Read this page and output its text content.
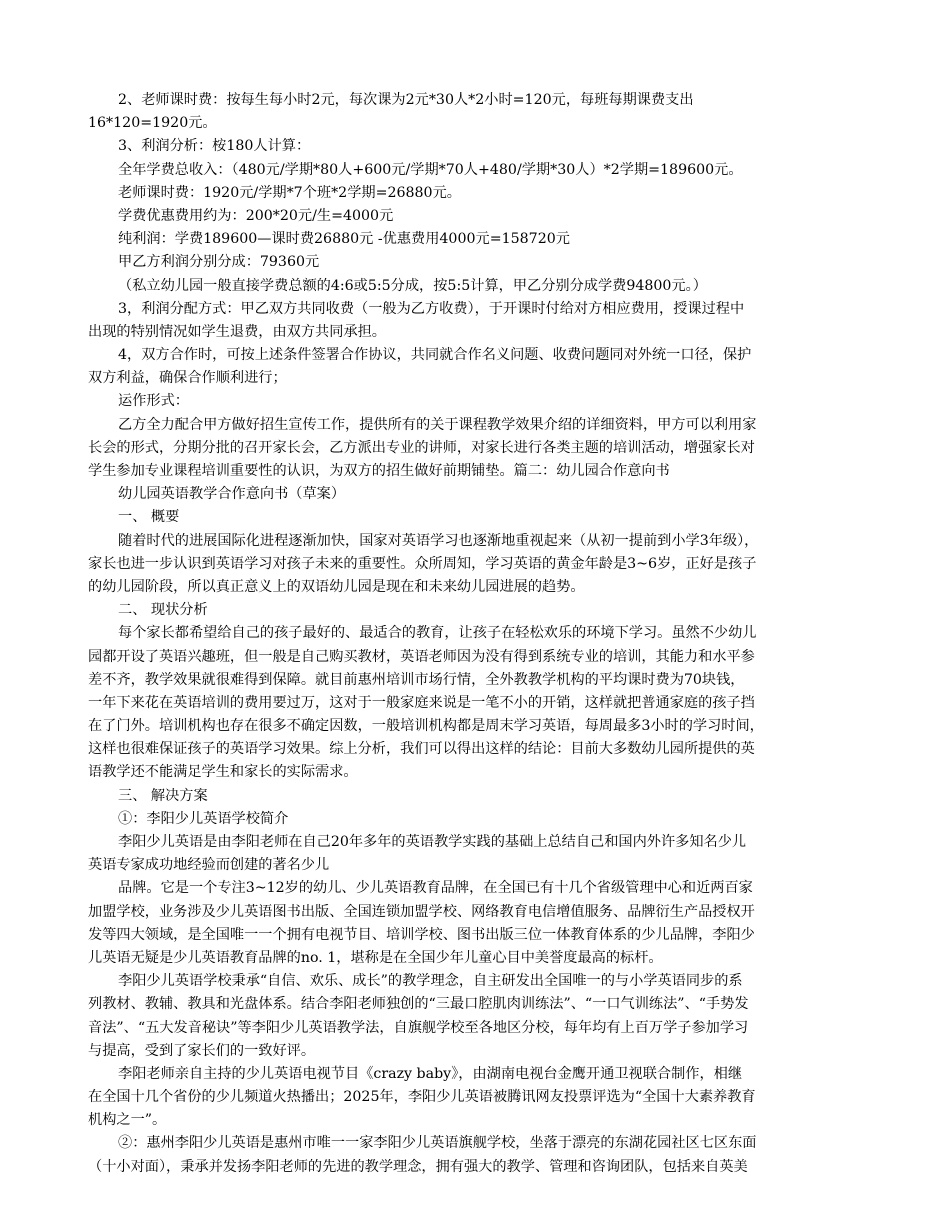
2、老师课时费：按每生每小时2元，每次课为2元*30人*2小时=120元，每班每期课费支出
16*120=1920元。
3、利润分析：桉180人计算：
全年学费总收入：（480元/学期*80人+600元/学期*70人+480/学期*30人）*2学期=189600元。
老师课时费：1920元/学期*7个班*2学期=26880元。
学费优惠费用约为：200*20元/生=4000元
纯利润：学费189600—课时费26880元 -优惠费用4000元=158720元
甲乙方利润分别分成：79360元
（私立幼儿园一般直接学费总额的4:6或5:5分成，按5:5计算，甲乙分别分成学费94800元。）
3，利润分配方式：甲乙双方共同收费（一般为乙方收费），于开课时付给对方相应费用，授课过程中
出现的特别情况如学生退费，由双方共同承担。
4，双方合作时，可按上述条件签署合作协议，共同就合作名义问题、收费问题同对外统一口径，保护
双方利益，确保合作顺利进行；
运作形式：
乙方全力配合甲方做好招生宣传工作，提供所有的关于课程教学效果介绍的详细资料，甲方可以利用家
长会的形式，分期分批的召开家长会，乙方派出专业的讲师，对家长进行各类主题的培训活动，增强家长对
学生参加专业课程培训重要性的认识，为双方的招生做好前期铺垫。篇二：幼儿园合作意向书
幼儿园英语教学合作意向书（草案）
一、 概要
随着时代的进展国际化进程逐渐加快，国家对英语学习也逐渐地重视起来（从初一提前到小学3年级），
家长也进一步认识到英语学习对孩子未来的重要性。众所周知，学习英语的黄金年龄是3~6岁，正好是孩子
的幼儿园阶段，所以真正意义上的双语幼儿园是现在和未来幼儿园进展的趋势。
二、 现状分析
每个家长都希望给自己的孩子最好的、最适合的教育，让孩子在轻松欢乐的环境下学习。虽然不少幼儿
园都开设了英语兴趣班，但一般是自己购买教材，英语老师因为没有得到系统专业的培训，其能力和水平参
差不齐，教学效果就很难得到保障。就目前惠州培训市场行情，全外教教学机构的平均课时费为70块钱，
一年下来花在英语培训的费用要过万，这对于一般家庭来说是一笔不小的开销，这样就把普通家庭的孩子挡
在了门外。培训机构也存在很多不确定因数，一般培训机构都是周末学习英语，每周最多3小时的学习时间，
这样也很难保证孩子的英语学习效果。综上分析，我们可以得出这样的结论：目前大多数幼儿园所提供的英
语教学还不能满足学生和家长的实际需求。
三、 解决方案
①：李阳少儿英语学校简介
李阳少儿英语是由李阳老师在自己20年多年的英语教学实践的基础上总结自己和国内外许多知名少儿
英语专家成功地经验而创建的著名少儿
品牌。它是一个专注3~12岁的幼儿、少儿英语教育品牌，在全国已有十几个省级管理中心和近两百家
加盟学校，业务涉及少儿英语图书出版、全国连锁加盟学校、网络教育电信增值服务、品牌衍生产品授权开
发等四大领域，是全国唯一一个拥有电视节目、培训学校、图书出版三位一体教育体系的少儿品牌，李阳少
儿英语无疑是少儿英语教育品牌的no. 1，堪称是在全国少年儿童心目中美誉度最高的标杆。
李阳少儿英语学校秉承“自信、欢乐、成长”的教学理念，自主研发出全国唯一的与小学英语同步的系
列教材、教辅、教具和光盘体系。结合李阳老师独创的“三最口腔肌肉训练法”、“一口气训练法”、“手势发
音法”、“五大发音秘诀”等李阳少儿英语教学法，自旗舰学校至各地区分校，每年均有上百万学子参加学习
与提高，受到了家长们的一致好评。
李阳老师亲自主持的少儿英语电视节目《crazy baby》，由湖南电视台金鹰开通卫视联合制作，相继
在全国十几个省份的少儿频道火热播出；2025年，李阳少儿英语被腾讯网友投票评选为“全国十大素养教育
机构之一”。
②：惠州李阳少儿英语是惠州市唯一一家李阳少儿英语旗舰学校，坐落于漂亮的东湖花园社区七区东面
（十小对面），秉承并发扬李阳老师的先进的教学理念，拥有强大的教学、管理和咨询团队，包括来自英美
